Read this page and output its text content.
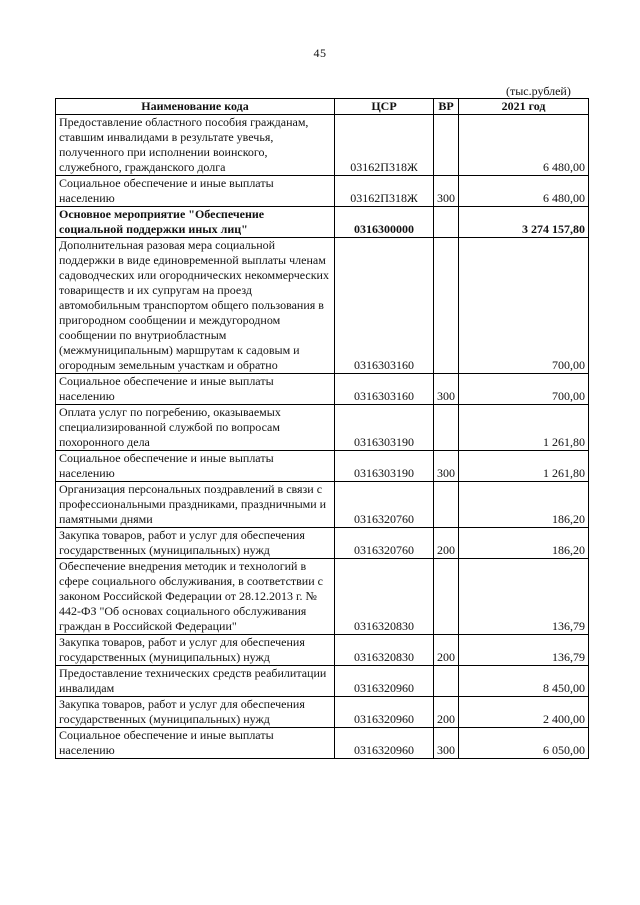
45
(тыс.рублей)
Наименование кода	ЦСР	ВР	2021 год
Предоставление областного пособия гражданам, ставшим инвалидами в результате увечья, полученного при исполнении воинского, служебного, гражданского долга	03162П318Ж		6 480,00
Социальное обеспечение и иные выплаты населению	03162П318Ж	300	6 480,00
Основное мероприятие "Обеспечение социальной поддержки иных лиц"	0316300000		3 274 157,80
Дополнительная разовая мера социальной поддержки в виде единовременной выплаты членам садоводческих или огороднических некоммерческих товариществ и их супругам на проезд автомобильным транспортом общего пользования в пригородном сообщении и междугородном сообщении по внутриобластным (межмуниципальным) маршрутам к садовым и огородным земельным участкам и обратно	0316303160		700,00
Социальное обеспечение и иные выплаты населению	0316303160	300	700,00
Оплата услуг по погребению, оказываемых специализированной службой по вопросам похоронного дела	0316303190		1 261,80
Социальное обеспечение и иные выплаты населению	0316303190	300	1 261,80
Организация персональных поздравлений в связи с профессиональными праздниками, праздничными и памятными днями	0316320760		186,20
Закупка товаров, работ и услуг для обеспечения государственных (муниципальных) нужд	0316320760	200	186,20
Обеспечение внедрения методик и технологий в сфере социального обслуживания, в соответствии с законом Российской Федерации от 28.12.2013 г. № 442-ФЗ "Об основах социального обслуживания граждан в Российской Федерации"	0316320830		136,79
Закупка товаров, работ и услуг для обеспечения государственных (муниципальных) нужд	0316320830	200	136,79
Предоставление технических средств реабилитации инвалидам	0316320960		8 450,00
Закупка товаров, работ и услуг для обеспечения государственных (муниципальных) нужд	0316320960	200	2 400,00
Социальное обеспечение и иные выплаты населению	0316320960	300	6 050,00
